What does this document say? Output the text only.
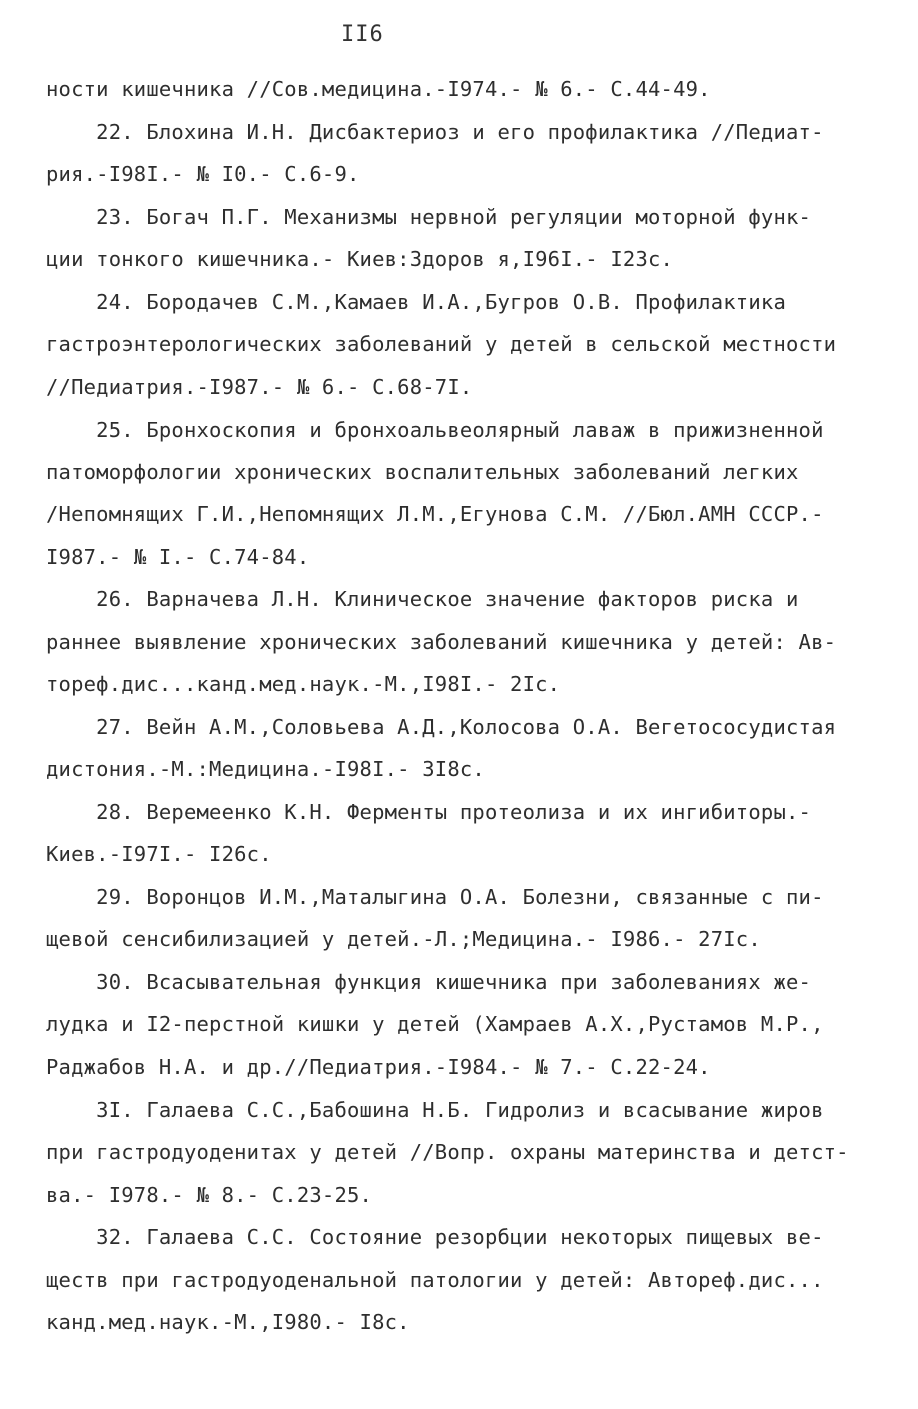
II6
ности кишечника //Сов.медицина.-I974.- № 6.- С.44-49.
22. Блохина И.Н. Дисбактериоз и его профилактика //Педиат-
рия.-I98I.- № I0.- С.6-9.
23. Богач П.Г. Механизмы нервной регуляции моторной функ-
ции тонкого кишечника.- Киев:Здоров я,I96I.- I23с.
24. Бородачев С.М.,Камаев И.А.,Бугров О.В. Профилактика
гастроэнтерологических заболеваний у детей в сельской местности
//Педиатрия.-I987.- № 6.- С.68-7I.
25. Бронхоскопия и бронхоальвеолярный лаваж в прижизненной
патоморфологии хронических воспалительных заболеваний легких
/Непомнящих Г.И.,Непомнящих Л.М.,Егунова С.М. //Бюл.АМН СССР.-
I987.- № I.- С.74-84.
26. Варначева Л.Н. Клиническое значение факторов риска и
раннее выявление хронических заболеваний кишечника у детей: Ав-
тореф.дис...канд.мед.наук.-М.,I98I.- 2Iс.
27. Вейн А.М.,Соловьева А.Д.,Колосова О.А. Вегетососудистая
дистония.-М.:Медицина.-I98I.- 3I8с.
28. Веремеенко К.Н. Ферменты протеолиза и их ингибиторы.-
Киев.-I97I.- I26с.
29. Воронцов И.М.,Маталыгина О.А. Болезни, связанные с пи-
щевой сенсибилизацией у детей.-Л.;Медицина.- I986.- 27Iс.
30. Всасывательная функция кишечника при заболеваниях же-
лудка и I2-перстной кишки у детей (Хамраев А.Х.,Рустамов М.Р.,
Раджабов Н.А. и др.//Педиатрия.-I984.- № 7.- С.22-24.
3I. Галаева С.С.,Бабошина Н.Б. Гидролиз и всасывание жиров
при гастродуоденитах у детей //Вопр. охраны материнства и детст-
ва.- I978.- № 8.- С.23-25.
32. Галаева С.С. Состояние резорбции некоторых пищевых ве-
ществ при гастродуоденальной патологии у детей: Автореф.дис...
канд.мед.наук.-М.,I980.- I8с.
